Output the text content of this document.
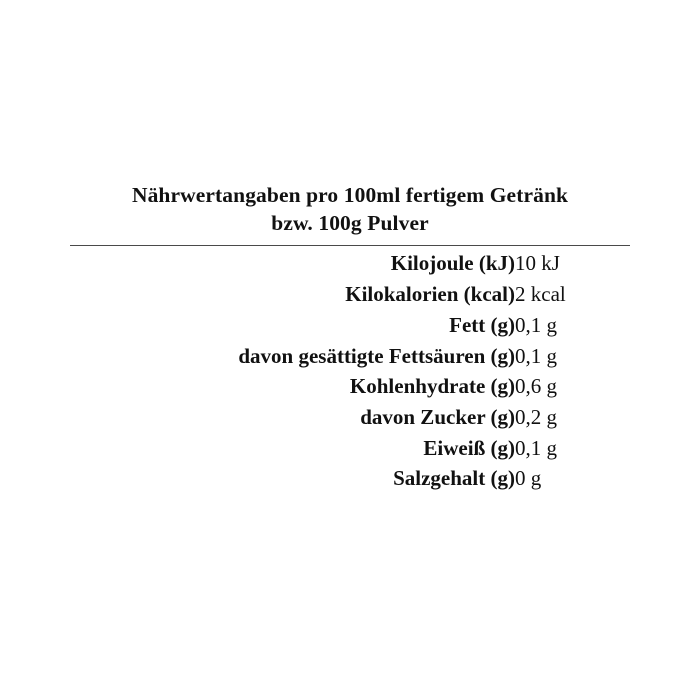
Nährwertangaben pro 100ml fertigem Getränk
bzw. 100g Pulver
Kilojoule (kJ)	10 kJ
Kilokalorien (kcal)	2 kcal
Fett (g)	0,1 g
davon gesättigte Fettsäuren (g)	0,1 g
Kohlenhydrate (g)	0,6 g
davon Zucker (g)	0,2 g
Eiweiß (g)	0,1 g
Salzgehalt (g)	0 g
